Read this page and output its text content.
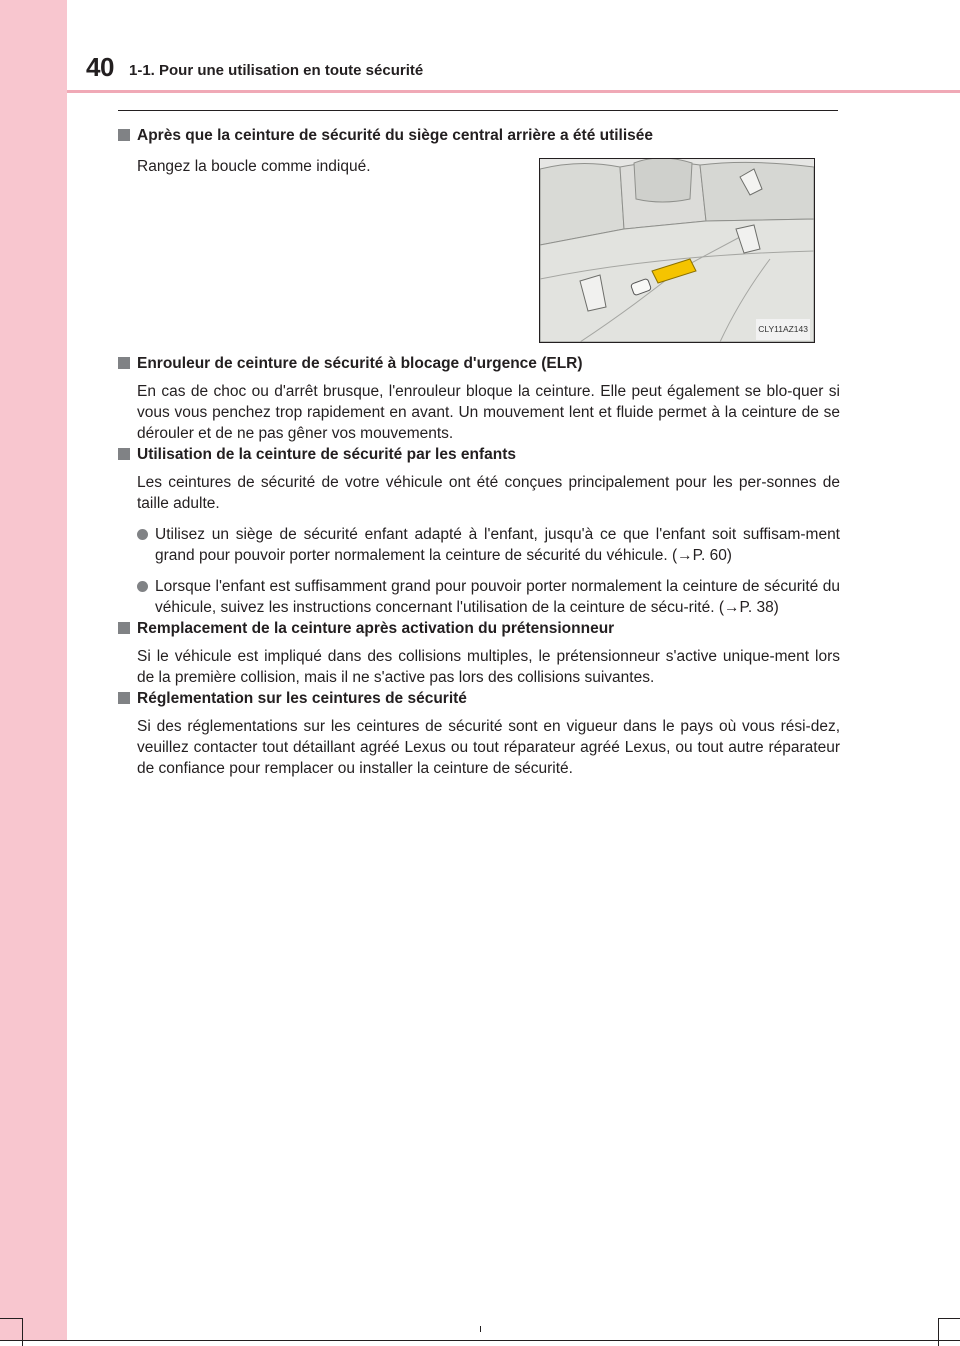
40 1-1. Pour une utilisation en toute sécurité
Après que la ceinture de sécurité du siège central arrière a été utilisée
Rangez la boucle comme indiqué.
CLY11AZ143
Enrouleur de ceinture de sécurité à blocage d'urgence (ELR)
En cas de choc ou d'arrêt brusque, l'enrouleur bloque la ceinture. Elle peut également se blo-quer si vous vous penchez trop rapidement en avant. Un mouvement lent et fluide permet à la ceinture de se dérouler et de ne pas gêner vos mouvements.
Utilisation de la ceinture de sécurité par les enfants
Les ceintures de sécurité de votre véhicule ont été conçues principalement pour les per-sonnes de taille adulte.
Utilisez un siège de sécurité enfant adapté à l'enfant, jusqu'à ce que l'enfant soit suffisam-ment grand pour pouvoir porter normalement la ceinture de sécurité du véhicule. (→P. 60)
Lorsque l'enfant est suffisamment grand pour pouvoir porter normalement la ceinture de sécurité du véhicule, suivez les instructions concernant l'utilisation de la ceinture de sécu-rité. (→P. 38)
Remplacement de la ceinture après activation du prétensionneur
Si le véhicule est impliqué dans des collisions multiples, le prétensionneur s'active unique-ment lors de la première collision, mais il ne s'active pas lors des collisions suivantes.
Réglementation sur les ceintures de sécurité
Si des réglementations sur les ceintures de sécurité sont en vigueur dans le pays où vous rési-dez, veuillez contacter tout détaillant agréé Lexus ou tout réparateur agréé Lexus, ou tout autre réparateur de confiance pour remplacer ou installer la ceinture de sécurité.
